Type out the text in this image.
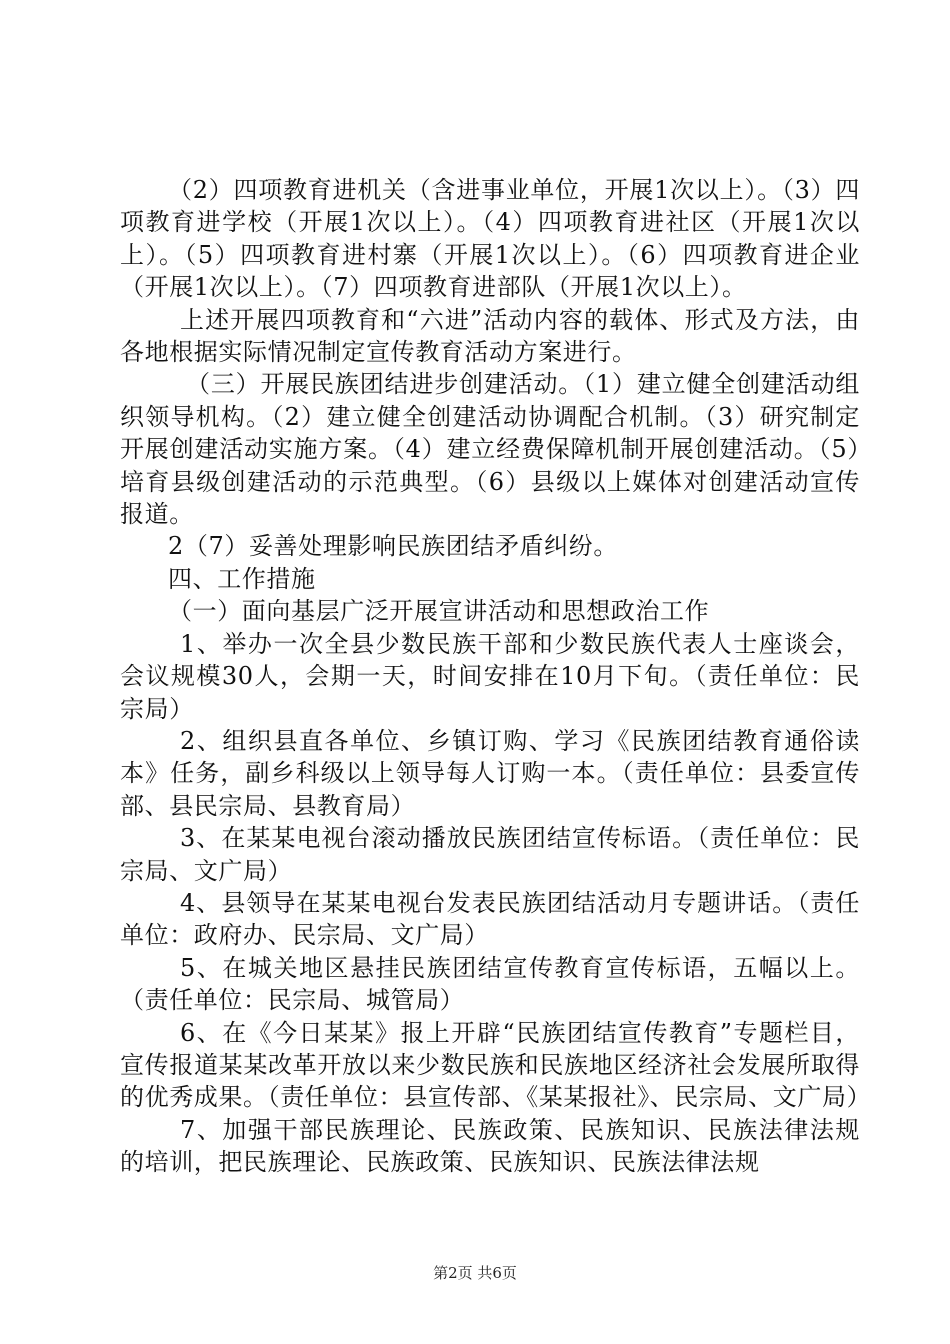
（2）四项教育进机关（含进事业单位，开展1次以上）。（3）四项教育进学校（开展1次以上）。（4）四项教育进社区（开展1次以上）。（5）四项教育进村寨（开展1次以上）。（6）四项教育进企业（开展1次以上）。（7）四项教育进部队（开展1次以上）。

上述开展四项教育和“六进”活动内容的载体、形式及方法，由各地根据实际情况制定宣传教育活动方案进行。

（三）开展民族团结进步创建活动。（1）建立健全创建活动组织领导机构。（2）建立健全创建活动协调配合机制。（3）研究制定开展创建活动实施方案。（4）建立经费保障机制开展创建活动。（5）培育县级创建活动的示范典型。（6）县级以上媒体对创建活动宣传报道。

2（7）妥善处理影响民族团结矛盾纠纷。

四、工作措施

（一）面向基层广泛开展宣讲活动和思想政治工作

1、举办一次全县少数民族干部和少数民族代表人士座谈会，会议规模30人，会期一天，时间安排在10月下旬。（责任单位：民宗局）

2、组织县直各单位、乡镇订购、学习《民族团结教育通俗读本》任务，副乡科级以上领导每人订购一本。（责任单位：县委宣传部、县民宗局、县教育局）

3、在某某电视台滚动播放民族团结宣传标语。（责任单位：民宗局、文广局）

4、县领导在某某电视台发表民族团结活动月专题讲话。（责任单位：政府办、民宗局、文广局）

5、在城关地区悬挂民族团结宣传教育宣传标语，五幅以上。（责任单位：民宗局、城管局）

6、在《今日某某》报上开辟“民族团结宣传教育”专题栏目，宣传报道某某改革开放以来少数民族和民族地区经济社会发展所取得的优秀成果。（责任单位：县宣传部、《某某报社》、民宗局、文广局）

7、加强干部民族理论、民族政策、民族知识、民族法律法规的培训，把民族理论、民族政策、民族知识、民族法律法规

第2页 共6页
